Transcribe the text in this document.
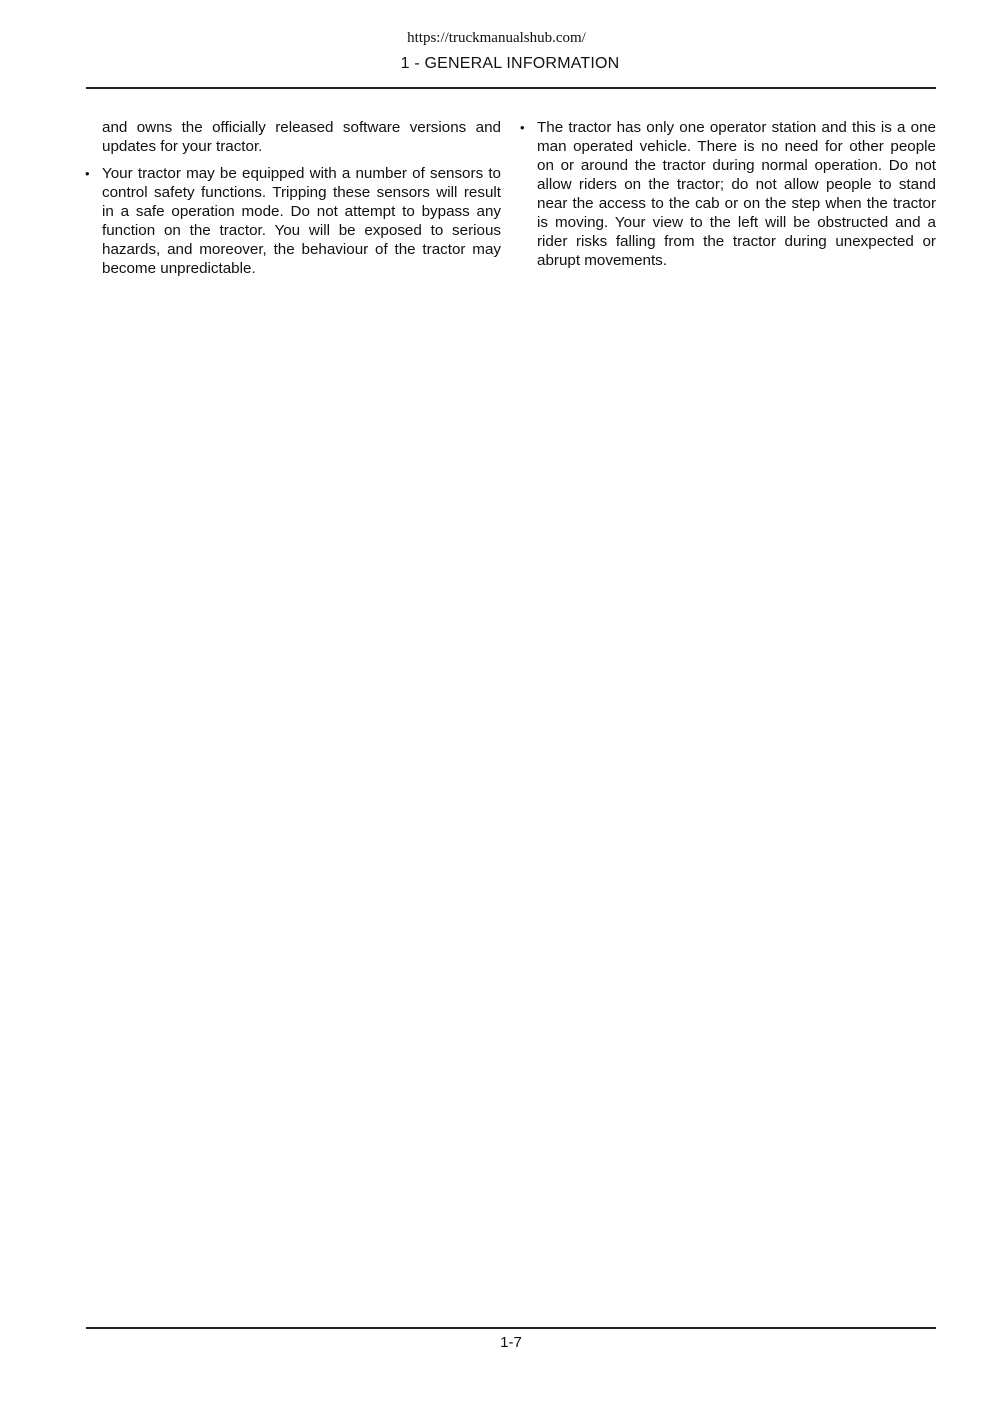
https://truckmanualshub.com/
1 - GENERAL INFORMATION

and owns the officially released software versions and updates for your tractor.

• Your tractor may be equipped with a number of sensors to control safety functions. Tripping these sensors will result in a safe operation mode. Do not attempt to bypass any function on the tractor. You will be exposed to serious hazards, and moreover, the behaviour of the tractor may become unpredictable.
• The tractor has only one operator station and this is a one man operated vehicle. There is no need for other people on or around the tractor during normal operation. Do not allow riders on the tractor; do not allow people to stand near the access to the cab or on the step when the tractor is moving. Your view to the left will be obstructed and a rider risks falling from the tractor during unexpected or abrupt movements.
1-7
